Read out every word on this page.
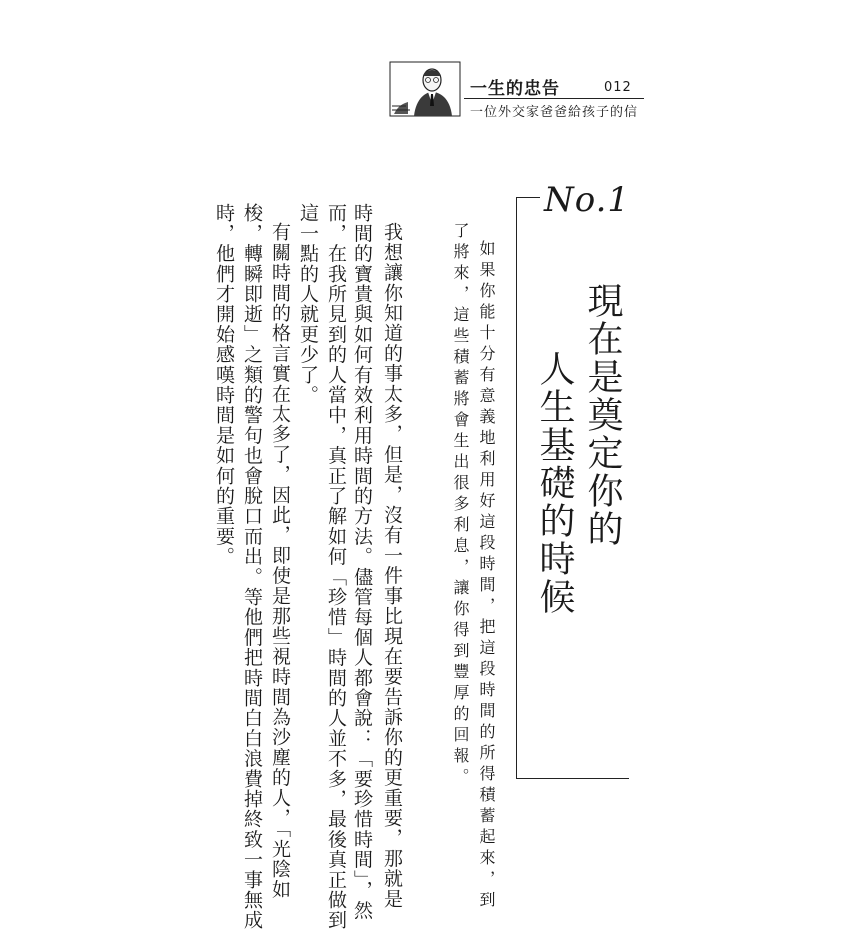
一生的忠告	012
一位外交家爸爸給孩子的信
No.1
現在是奠定你的
人生基礎的時候
如果你能十分有意義地利用好這段時間，把這段時間的所得積蓄起來，到
了將來，這些積蓄將會生出很多利息，讓你得到豐厚的回報。
我想讓你知道的事太多，但是，沒有一件事比現在要告訴你的更重要，那就是
時間的寶貴與如何有效利用時間的方法。儘管每個人都會說：「要珍惜時間」，然
而，在我所見到的人當中，真正了解如何「珍惜」時間的人並不多，最後真正做到
這一點的人就更少了。
有關時間的格言實在太多了，因此，即使是那些視時間為沙塵的人，「光陰如
梭，轉瞬即逝」之類的警句也會脫口而出。等他們把時間白白浪費掉終致一事無成
時，他們才開始感嘆時間是如何的重要。
